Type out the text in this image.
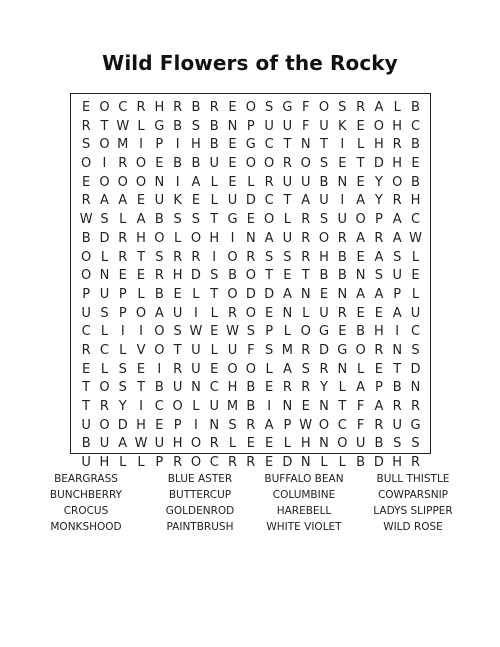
Wild Flowers of the Rocky
E O C R H R B R E O S G F O S R A L B
R T W L G B S B N P U U F U K E O H C
S O M I P I H B E G C T N T I L H R B
O I R O E B B U E O O R O S E T D H E
E O O O N I A L E L R U U B N E Y O B
R A A E U K E L U D C T A U I A Y R H
W S L A B S S T G E O L R S U O P A C
B D R H O L O H I N A U R O R A R A W
O L R T S R R I O R S S R H B E A S L
O N E E R H D S B O T E T B B N S U E
P U P L B E L T O D D A N E N A A P L
U S P O A U I L R O E N L U R E E A U
C L I	I O S W E W S P L O G E B H I C
R C L V O T U L U F S M R D G O R N S
E L S E I R U E O O L A S R N L E T D
T O S T B U N C H B E R R Y L A P B N
T R Y I C O L U M B I N E N T F A R R
U O D H E P I N S R A P W O C F R U G
B U A W U H O R L E E L H N O U B S S
U H L L P R O C R R E D N L L B D H R
BEARGRASS	BLUE ASTER	BUFFALO BEAN	BULL THISTLE
BUNCHBERRY	BUTTERCUP	COLUMBINE	COWPARSNIP
CROCUS	GOLDENROD	HAREBELL	LADYS SLIPPER
MONKSHOOD	PAINTBRUSH	WHITE VIOLET	WILD ROSE
